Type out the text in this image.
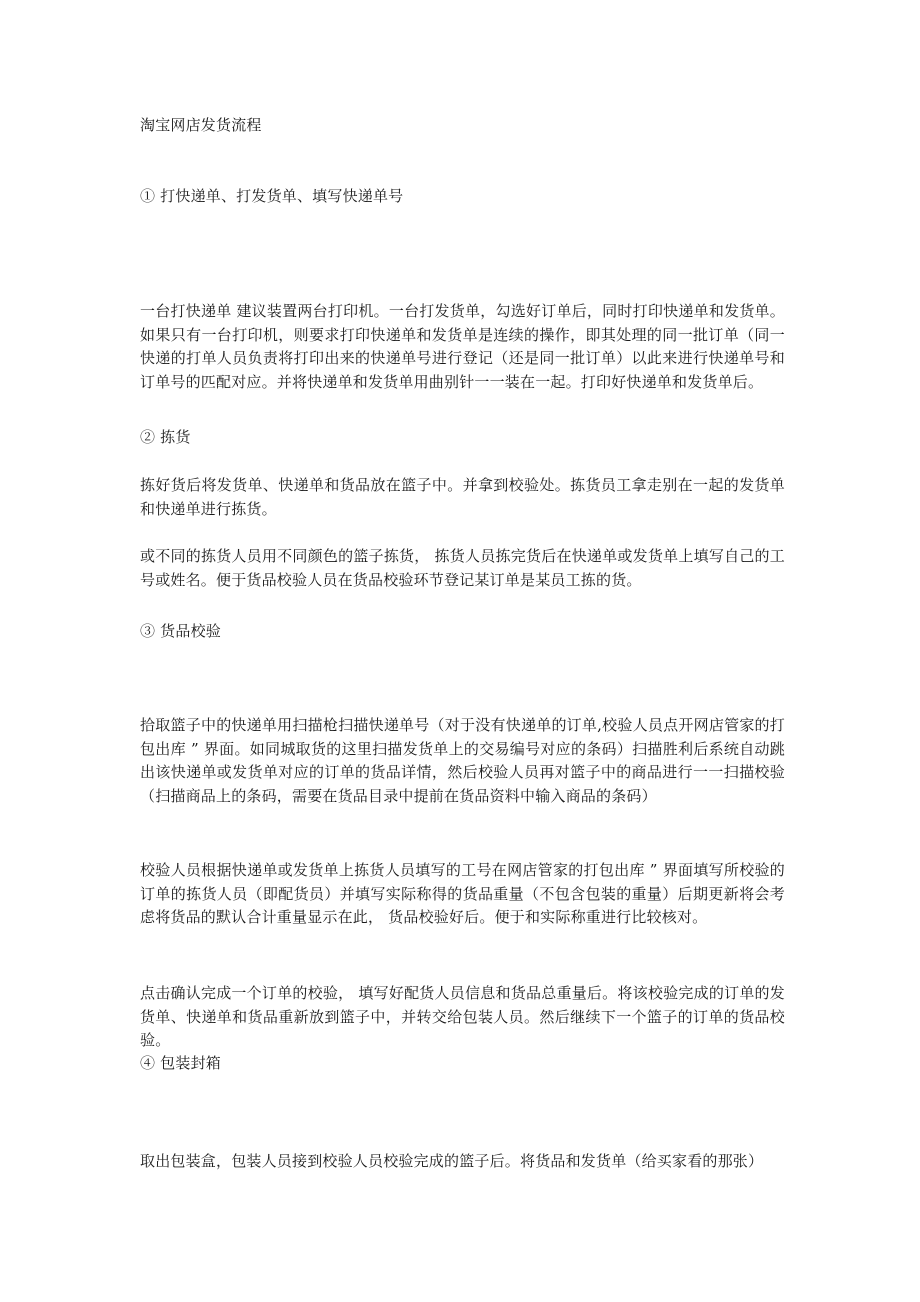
淘宝网店发货流程
① 打快递单、打发货单、填写快递单号
一台打快递单 建议装置两台打印机。一台打发货单，勾选好订单后，同时打印快递单和发货单。如果只有一台打印机，则要求打印快递单和发货单是连续的操作，即其处理的同一批订单（同一快递的打单人员负责将打印出来的快递单号进行登记（还是同一批订单）以此来进行快递单号和订单号的匹配对应。并将快递单和发货单用曲别针一一装在一起。打印好快递单和发货单后。
② 拣货
拣好货后将发货单、快递单和货品放在篮子中。并拿到校验处。拣货员工拿走别在一起的发货单和快递单进行拣货。
或不同的拣货人员用不同颜色的篮子拣货， 拣货人员拣完货后在快递单或发货单上填写自己的工号或姓名。便于货品校验人员在货品校验环节登记某订单是某员工拣的货。
③ 货品校验
拾取篮子中的快递单用扫描枪扫描快递单号（对于没有快递单的订单,校验人员点开网店管家的打包出库 ” 界面。如同城取货的这里扫描发货单上的交易编号对应的条码）扫描胜利后系统自动跳出该快递单或发货单对应的订单的货品详情，然后校验人员再对篮子中的商品进行一一扫描校验（扫描商品上的条码，需要在货品目录中提前在货品资料中输入商品的条码）
校验人员根据快递单或发货单上拣货人员填写的工号在网店管家的打包出库 ” 界面填写所校验的订单的拣货人员（即配货员）并填写实际称得的货品重量（不包含包装的重量）后期更新将会考虑将货品的默认合计重量显示在此， 货品校验好后。便于和实际称重进行比较核对。
点击确认完成一个订单的校验， 填写好配货人员信息和货品总重量后。将该校验完成的订单的发货单、快递单和货品重新放到篮子中，并转交给包装人员。然后继续下一个篮子的订单的货品校验。
④ 包装封箱
取出包装盒，包装人员接到校验人员校验完成的篮子后。将货品和发货单（给买家看的那张）
